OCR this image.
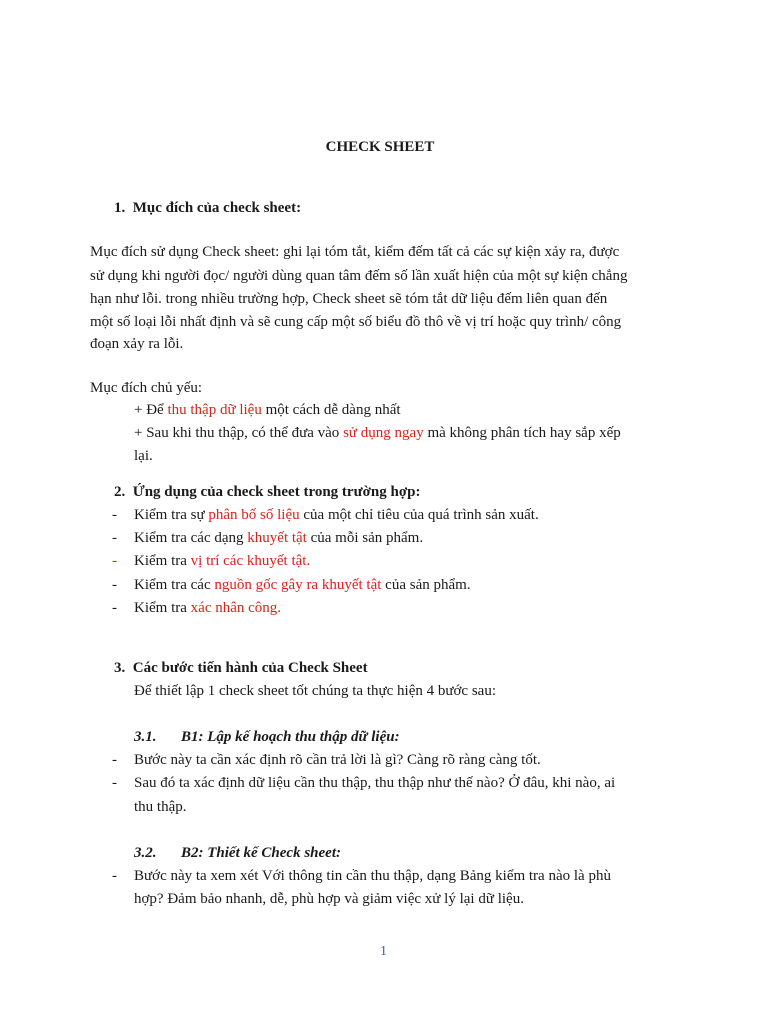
CHECK SHEET
1. Mục đích của check sheet:
Mục đích sử dụng Check sheet: ghi lại tóm tắt, kiểm đếm tất cả các sự kiện xảy ra, được
sử dụng khi người đọc/ người dùng quan tâm đếm số lần xuất hiện của một sự kiện chẳng
hạn như lỗi. trong nhiều trường hợp, Check sheet sẽ tóm tắt dữ liệu đếm liên quan đến
một số loại lỗi nhất định và sẽ cung cấp một số biểu đồ thô về vị trí hoặc quy trình/ công
đoạn xảy ra lỗi.
Mục đích chủ yếu:
+ Để thu thập dữ liệu một cách dễ dàng nhất
+ Sau khi thu thập, có thể đưa vào sử dụng ngay mà không phân tích hay sắp xếp
lại.
2. Ứng dụng của check sheet trong trường hợp:
- Kiểm tra sự phân bố số liệu của một chỉ tiêu của quá trình sản xuất.
- Kiểm tra các dạng khuyết tật của mỗi sản phẩm.
- Kiểm tra vị trí các khuyết tật.
- Kiểm tra các nguồn gốc gây ra khuyết tật của sản phẩm.
- Kiểm tra xác nhân công.
3. Các bước tiến hành của Check Sheet
Để thiết lập 1 check sheet tốt chúng ta thực hiện 4 bước sau:
3.1. B1: Lập kế hoạch thu thập dữ liệu:
- Bước này ta cần xác định rõ cần trả lời là gì? Càng rõ ràng càng tốt.
- Sau đó ta xác định dữ liệu cần thu thập, thu thập như thế nào? Ở đâu, khi nào, ai
thu thập.
3.2. B2: Thiết kế Check sheet:
- Bước này ta xem xét Với thông tin cần thu thập, dạng Bảng kiểm tra nào là phù
hợp? Đảm bảo nhanh, dễ, phù hợp và giảm việc xử lý lại dữ liệu.
1
